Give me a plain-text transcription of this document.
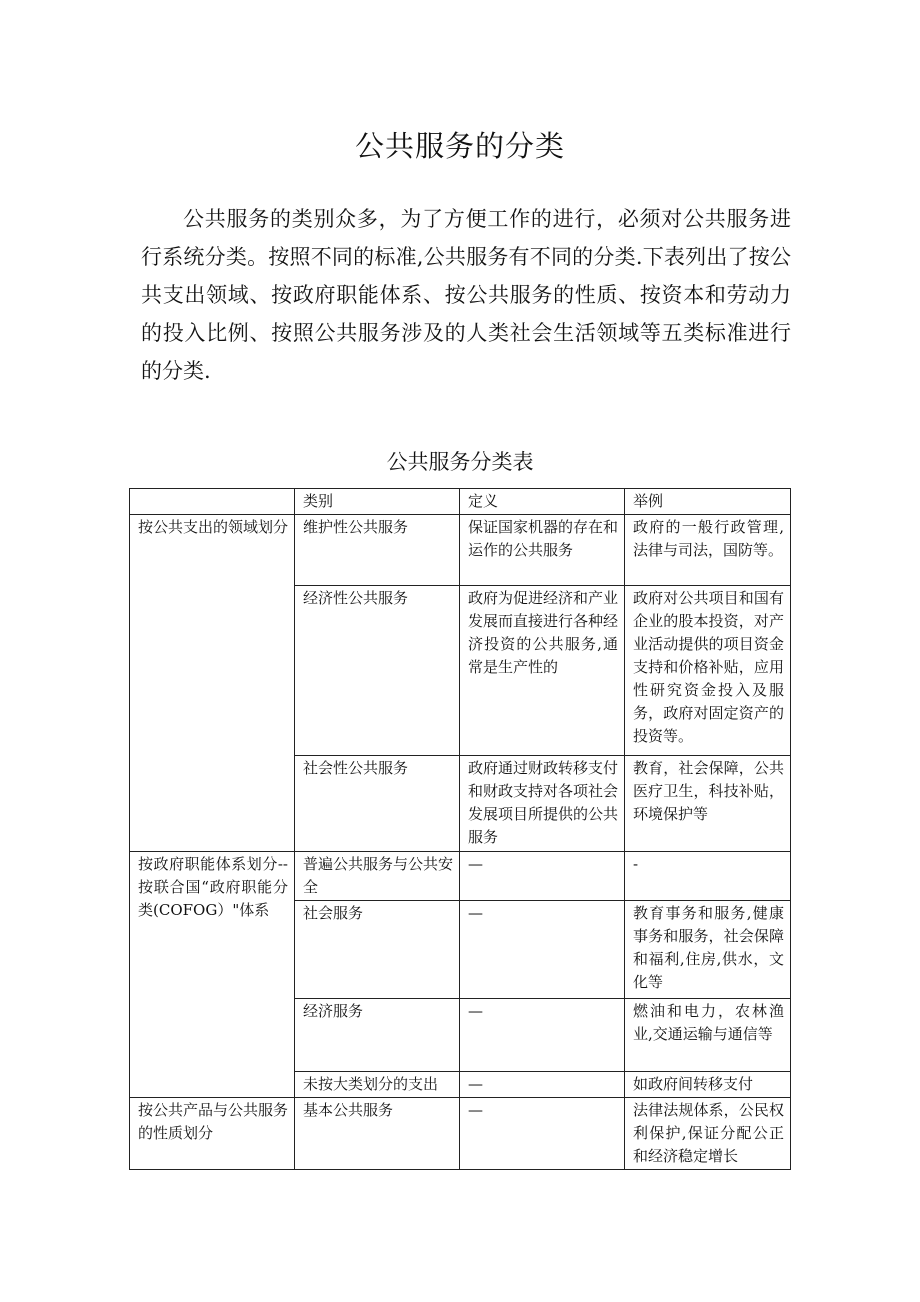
公共服务的分类

公共服务的类别众多，为了方便工作的进行，必须对公共服务进行系统分类。按照不同的标准,公共服务有不同的分类.下表列出了按公共支出领域、按政府职能体系、按公共服务的性质、按资本和劳动力的投入比例、按照公共服务涉及的人类社会生活领域等五类标准进行的分类.

公共服务分类表
	类别	定义	举例
按公共支出的领域划分	维护性公共服务	保证国家机器的存在和运作的公共服务	政府的一般行政管理,法律与司法，国防等。
	经济性公共服务	政府为促进经济和产业发展而直接进行各种经济投资的公共服务,通常是生产性的	政府对公共项目和国有企业的股本投资，对产业活动提供的项目资金支持和价格补贴，应用性研究资金投入及服务，政府对固定资产的投资等。
	社会性公共服务	政府通过财政转移支付和财政支持对各项社会发展项目所提供的公共服务	教育，社会保障，公共医疗卫生，科技补贴，环境保护等
按政府职能体系划分--按联合国“政府职能分类(COFOG）"体系	普遍公共服务与公共安全	—	-
	社会服务	—	教育事务和服务,健康事务和服务，社会保障和福利,住房,供水，文化等
	经济服务	—	燃油和电力，农林渔业,交通运输与通信等
	未按大类划分的支出	—	如政府间转移支付
按公共产品与公共服务的性质划分	基本公共服务	—	法律法规体系，公民权利保护,保证分配公正和经济稳定增长
